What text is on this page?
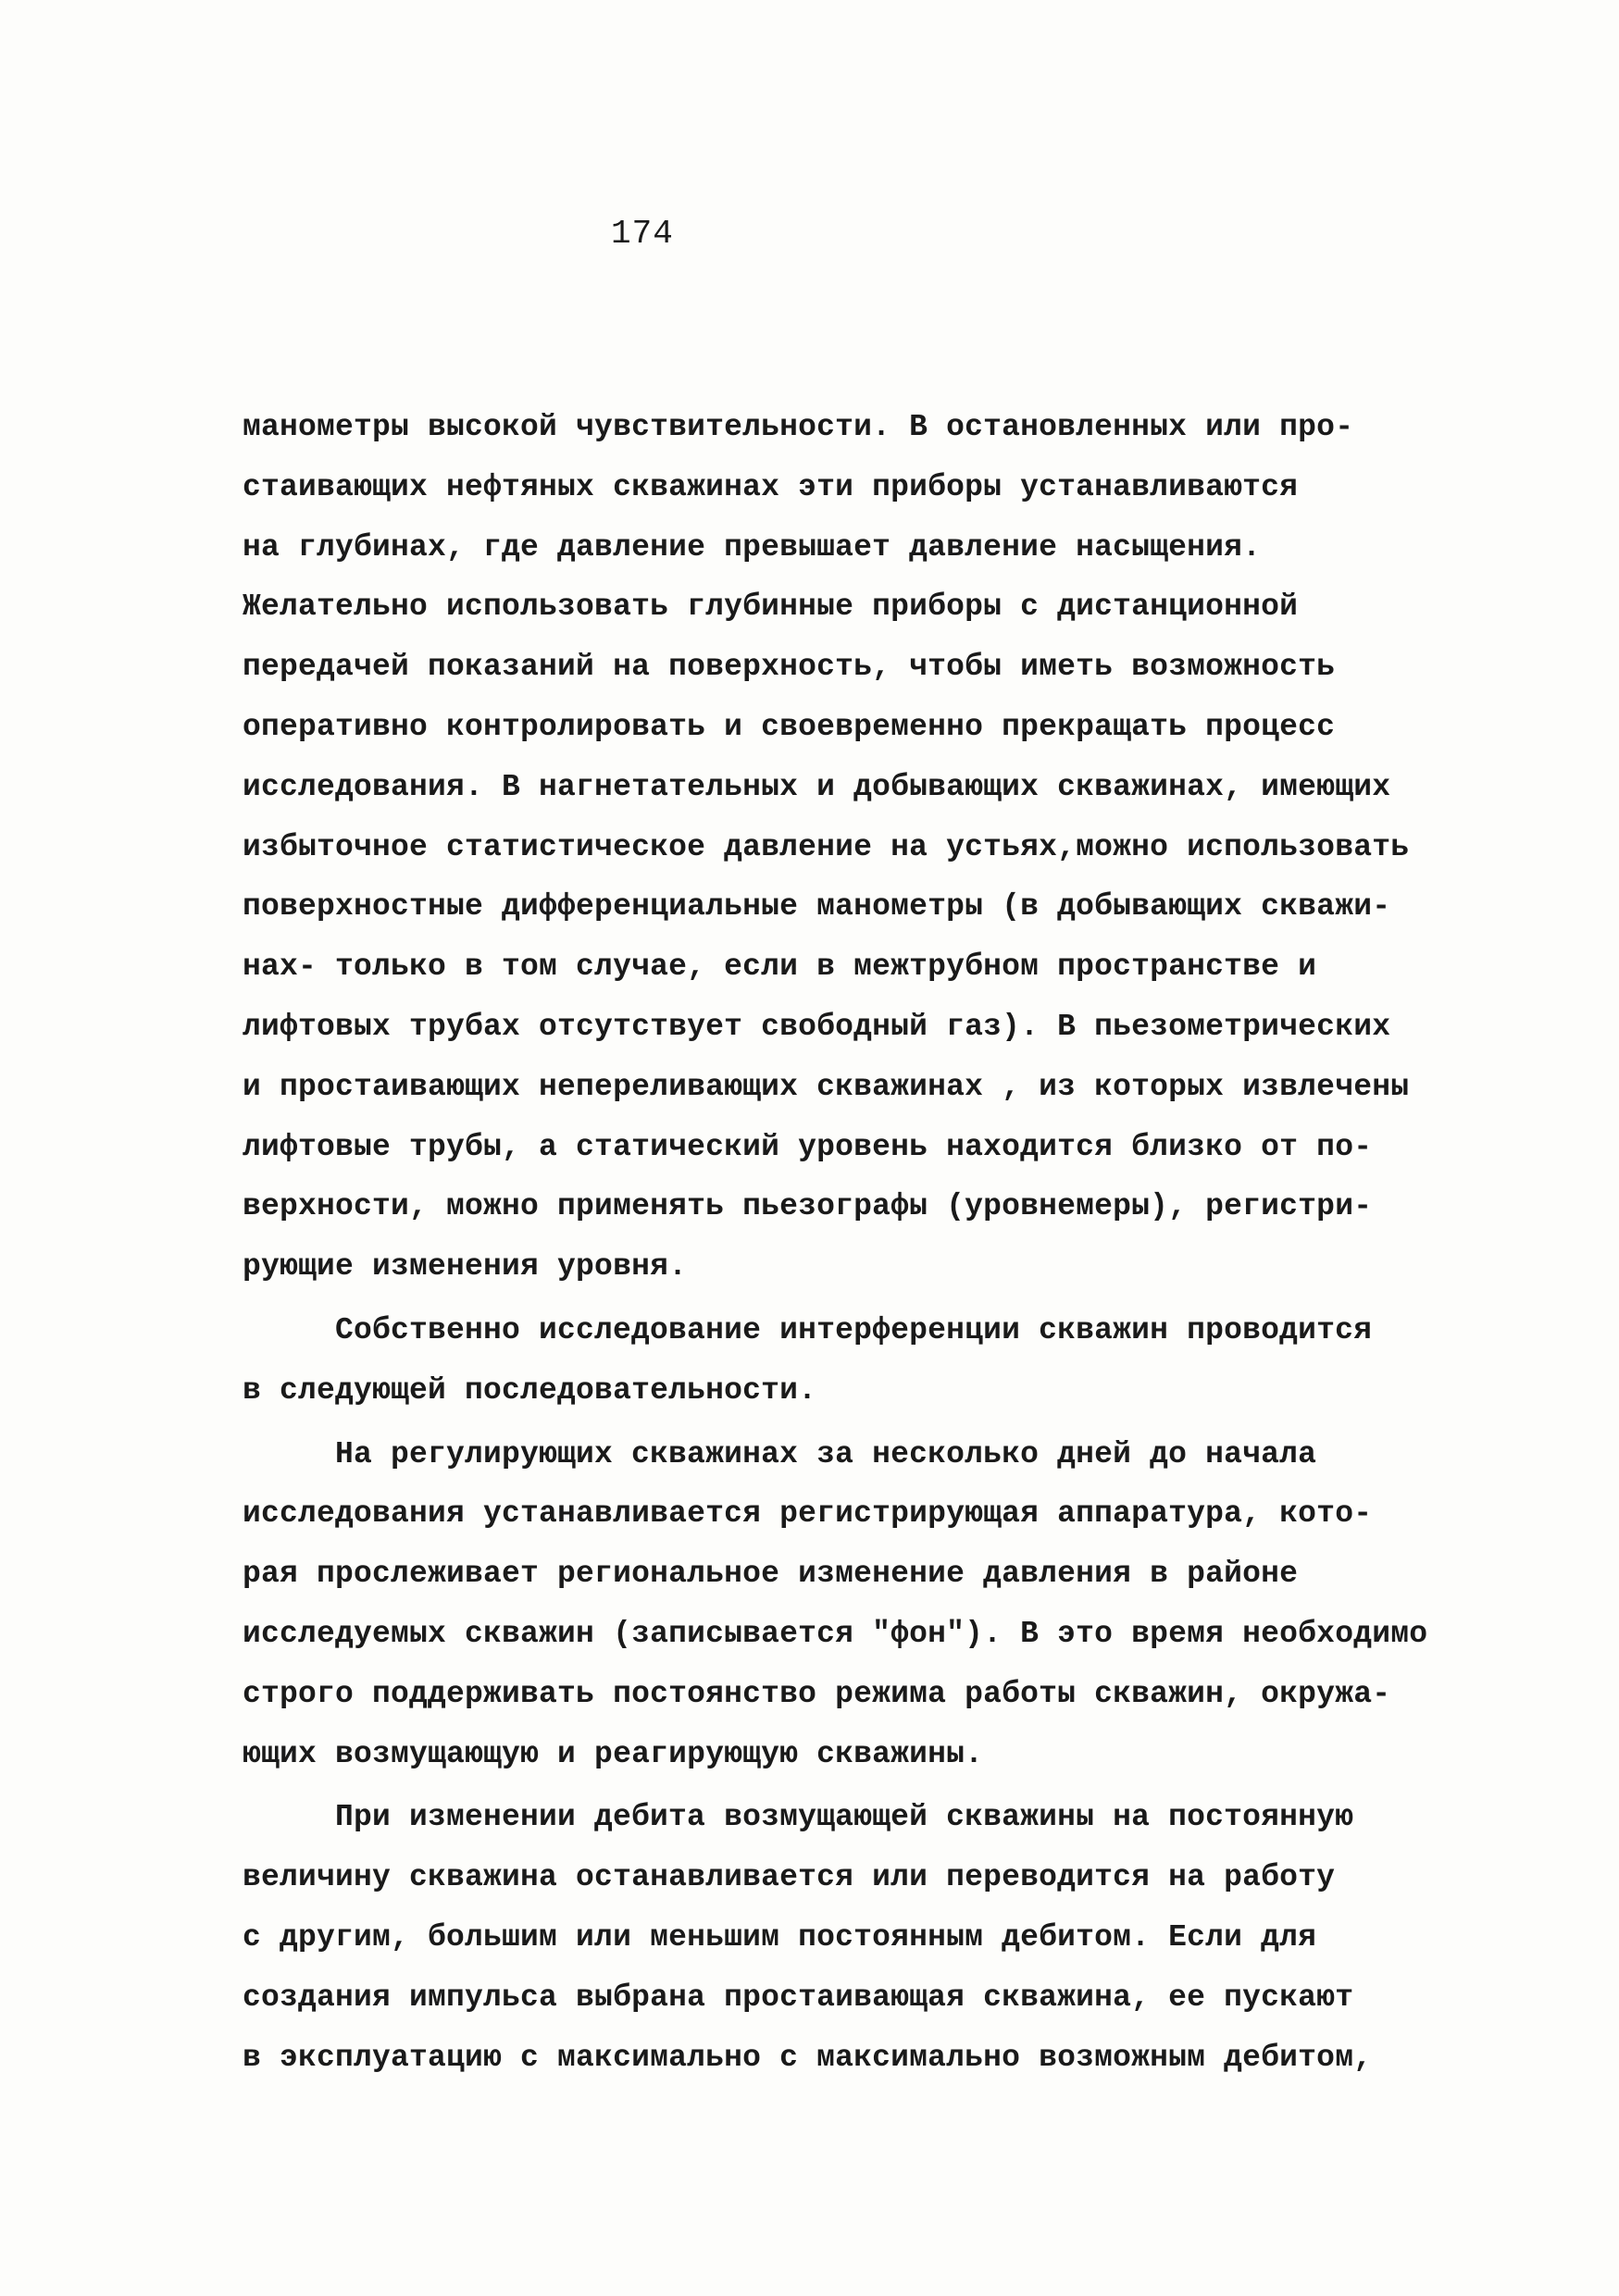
174
манометры высокой чувствительности. В остановленных или про-
стаивающих нефтяных скважинах эти приборы устанавливаются
на глубинах, где давление превышает давление насыщения.
Желательно использовать глубинные приборы с дистанционной
передачей показаний на поверхность, чтобы иметь возможность
оперативно контролировать и своевременно прекращать процесс
исследования. В нагнетательных и добывающих скважинах, имеющих
избыточное статистическое давление на устьях,можно использовать
поверхностные дифференциальные манометры (в добывающих скважи-
нах- только в том случае, если в межтрубном пространстве и
лифтовых трубах отсутствует свободный газ). В пьезометрических
и простаивающих непереливающих скважинах , из которых извлечены
лифтовые трубы, а статический уровень находится близко от по-
верхности, можно применять пьезографы (уровнемеры), регистри-
рующие изменения уровня.
Собственно исследование интерференции скважин проводится
в следующей последовательности.
На регулирующих скважинах за несколько дней до начала
исследования устанавливается регистрирующая аппаратура, кото-
рая прослеживает региональное изменение давления в районе
исследуемых скважин (записывается "фон"). В это время необходимо
строго поддерживать постоянство режима работы скважин, окружа-
ющих возмущающую и реагирующую скважины.
При изменении дебита возмущающей скважины на постоянную
величину скважина останавливается или переводится на работу
с другим, большим или меньшим постоянным дебитом. Если для
создания импульса выбрана простаивающая скважина, ее пускают
в эксплуатацию с максимально с максимально возможным дебитом,
